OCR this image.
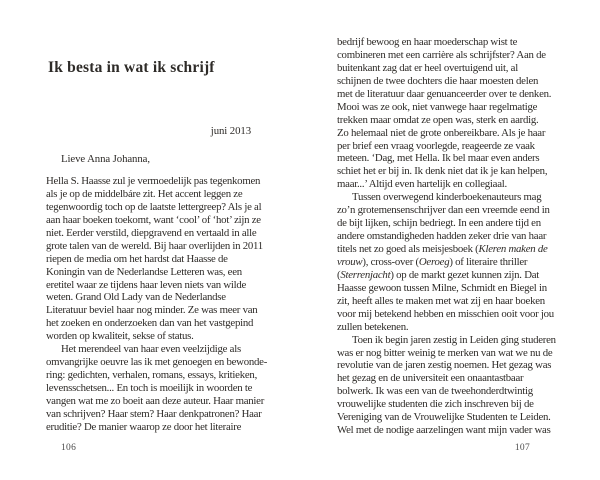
Ik besta in wat ik schrijf
juni 2013
Lieve Anna Johanna,
Hella S. Haasse zul je vermoedelijk pas tegenkomen
als je op de middelbáre zit. Het accent leggen ze
tegenwoordig toch op de laatste lettergreep? Als je al
aan haar boeken toekomt, want ‘cool’ of ‘hot’ zijn ze
niet. Eerder verstild, diepgravend en vertaald in alle
grote talen van de wereld. Bij haar overlijden in 2011
riepen de media om het hardst dat Haasse de
Koningin van de Nederlandse Letteren was, een
eretitel waar ze tijdens haar leven niets van wilde
weten. Grand Old Lady van de Nederlandse
Literatuur beviel haar nog minder. Ze was meer van
het zoeken en onderzoeken dan van het vastgepind
worden op kwaliteit, sekse of status.
Het merendeel van haar even veelzijdige als
omvangrijke oeuvre las ik met genoegen en bewonde-
ring: gedichten, verhalen, romans, essays, kritieken,
levensschetsen... En toch is moeilijk in woorden te
vangen wat me zo boeit aan deze auteur. Haar manier
van schrijven? Haar stem? Haar denkpatronen? Haar
eruditie? De manier waarop ze door het literaire
106
bedrijf bewoog en haar moederschap wist te
combineren met een carrière als schrijfster? Aan de
buitenkant zag dat er heel overtuigend uit, al
schijnen de twee dochters die haar moesten delen
met de literatuur daar genuanceerder over te denken.
Mooi was ze ook, niet vanwege haar regelmatige
trekken maar omdat ze open was, sterk en aardig.
Zo helemaal niet de grote onbereikbare. Als je haar
per brief een vraag voorlegde, reageerde ze vaak
meteen. ‘Dag, met Hella. Ik bel maar even anders
schiet het er bij in. Ik denk niet dat ik je kan helpen,
maar...’ Altijd even hartelijk en collegiaal.
Tussen overwegend kinderboekenauteurs mag
zo’n grotemensenschrijver dan een vreemde eend in
de bijt lijken, schijn bedriegt. In een andere tijd en
andere omstandigheden hadden zeker drie van haar
titels net zo goed als meisjesboek (Kleren maken de
vrouw), cross-over (Oeroeg) of literaire thriller
(Sterrenjacht) op de markt gezet kunnen zijn. Dat
Haasse gewoon tussen Milne, Schmidt en Biegel in
zit, heeft alles te maken met wat zij en haar boeken
voor mij betekend hebben en misschien ooit voor jou
zullen betekenen.
Toen ik begin jaren zestig in Leiden ging studeren
was er nog bitter weinig te merken van wat we nu de
revolutie van de jaren zestig noemen. Het gezag was
het gezag en de universiteit een onaantastbaar
bolwerk. Ik was een van de tweehonderdtwintig
vrouwelijke studenten die zich inschreven bij de
Vereniging van de Vrouwelijke Studenten te Leiden.
Wel met de nodige aarzelingen want mijn vader was
107
